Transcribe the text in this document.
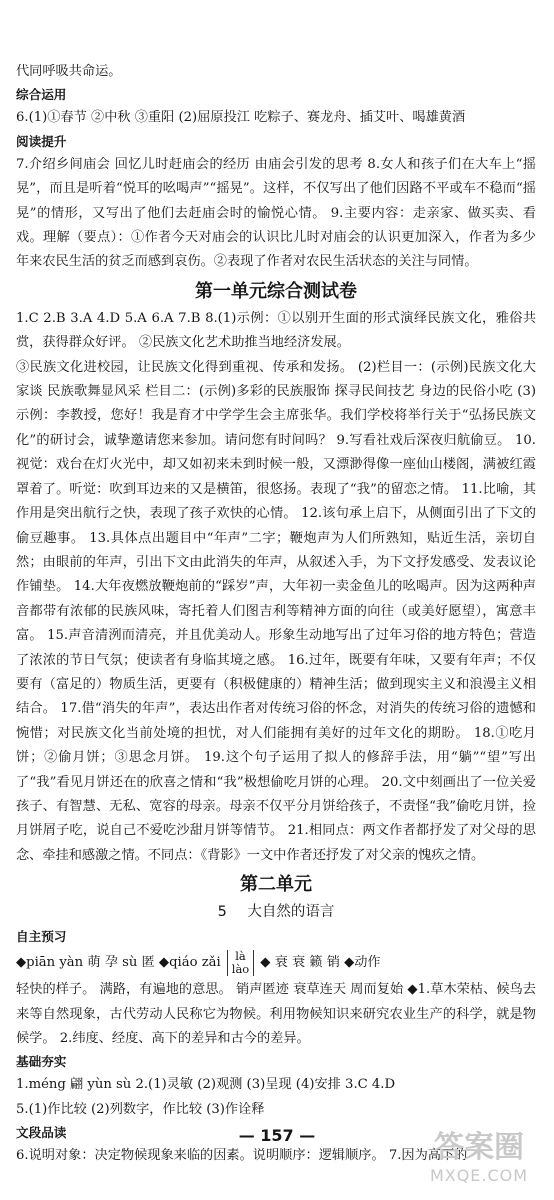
代同呼吸共命运。

综合运用

6.(1)①春节 ②中秋 ③重阳 (2)屈原投江 吃粽子、赛龙舟、插艾叶、喝雄黄酒

阅读提升

7.介绍乡间庙会 回忆儿时赶庙会的经历 由庙会引发的思考 8.女人和孩子们在大车上“摇晃”，而且是听着“悦耳的吆喝声”“摇晃”。这样，不仅写出了他们因路不平或车不稳而“摇晃”的情形，又写出了他们去赶庙会时的愉悦心情。 9.主要内容：走亲家、做买卖、看戏。理解（要点）：①作者今天对庙会的认识比儿时对庙会的认识更加深入，作者为多少年来农民生活的贫乏而感到哀伤。②表现了作者对农民生活状态的关注与同情。

第一单元综合测试卷

1.C 2.B 3.A 4.D 5.A 6.A 7.B 8.(1)示例：①以别开生面的形式演绎民族文化，雅俗共赏，获得群众好评。 ②民族文化艺术助推当地经济发展。

③民族文化进校园，让民族文化得到重视、传承和发扬。 (2)栏目一：(示例)民族文化大家谈 民族歌舞显风采 栏目二：(示例)多彩的民族服饰 探寻民间技艺 身边的民俗小吃 (3)示例：李教授，您好！我是育才中学学生会主席张华。我们学校将举行关于“弘扬民族文化”的研讨会，诚挚邀请您来参加。请问您有时间吗？ 9.写看社戏后深夜归航偷豆。 10.视觉：戏台在灯火光中，却又如初来未到时候一般，又漂渺得像一座仙山楼阁，满被红霞罩着了。听觉：吹到耳边来的又是横笛，很悠扬。表现了“我”的留恋之情。 11.比喻，其作用是突出航行之快，表现了孩子欢快的心情。 12.该句承上启下，从侧面引出了下文的偷豆趣事。 13.具体点出题目中“年声”二字；鞭炮声为人们所熟知，贴近生活，亲切自然；由眼前的年声，引出下文由此消失的年声，从叙述入手，为下文抒发感受、发表议论作铺垫。 14.大年夜燃放鞭炮前的“踩岁”声，大年初一卖金鱼儿的吆喝声。因为这两种声音都带有浓郁的民族风味，寄托着人们图吉利等精神方面的向往（或美好愿望），寓意丰富。 15.声音清洌而清亮，并且优美动人。形象生动地写出了过年习俗的地方特色；营造了浓浓的节日气氛；使读者有身临其境之感。 16.过年，既要有年味，又要有年声；不仅要有（富足的）物质生活，更要有（积极健康的）精神生活；做到现实主义和浪漫主义相结合。 17.借“消失的年声”，表达出作者对传统习俗的怀念，对消失的传统习俗的遗憾和惋惜；对民族文化当前处境的担忧，对人们能拥有美好的过年文化的期盼。 18.①吃月饼；②偷月饼；③思念月饼。 19.这个句子运用了拟人的修辞手法，用“躺”“望”写出了“我”看见月饼还在的欣喜之情和“我”极想偷吃月饼的心理。 20.文中刻画出了一位关爱孩子、有智慧、无私、宽容的母亲。母亲不仅平分月饼给孩子，不责怪“我”偷吃月饼，捡月饼屑子吃，说自己不爱吃沙甜月饼等情节。 21.相同点：两文作者都抒发了对父母的思念、牵挂和感激之情。不同点：《背影》一文中作者还抒发了对父亲的愧疚之情。

第二单元
5 大自然的语言

自主预习

◆piān yàn 萌 孕 sù 匿 ◆qiáo zǎi	là
lào ◆ 衰 衰 籁 销 ◆动作

轻快的样子。 满路，有遍地的意思。 销声匿迹 衰草连天 周而复始 ◆1.草木荣枯、候鸟去来等自然现象，古代劳动人民称它为物候。利用物候知识来研究农业生产的科学，就是物候学。 2.纬度、经度、高下的差异和古今的差异。

基础夯实

1.méng 翩 yùn sù 2.(1)灵敏 (2)观测 (3)呈现 (4)安排 3.C 4.D

5.(1)作比较 (2)列数字，作比较 (3)作诠释

文段品读

6.说明对象：决定物候现象来临的因素。说明顺序：逻辑顺序。 7.因为高下的

— 157 —	答案圈
MXQE.COM
